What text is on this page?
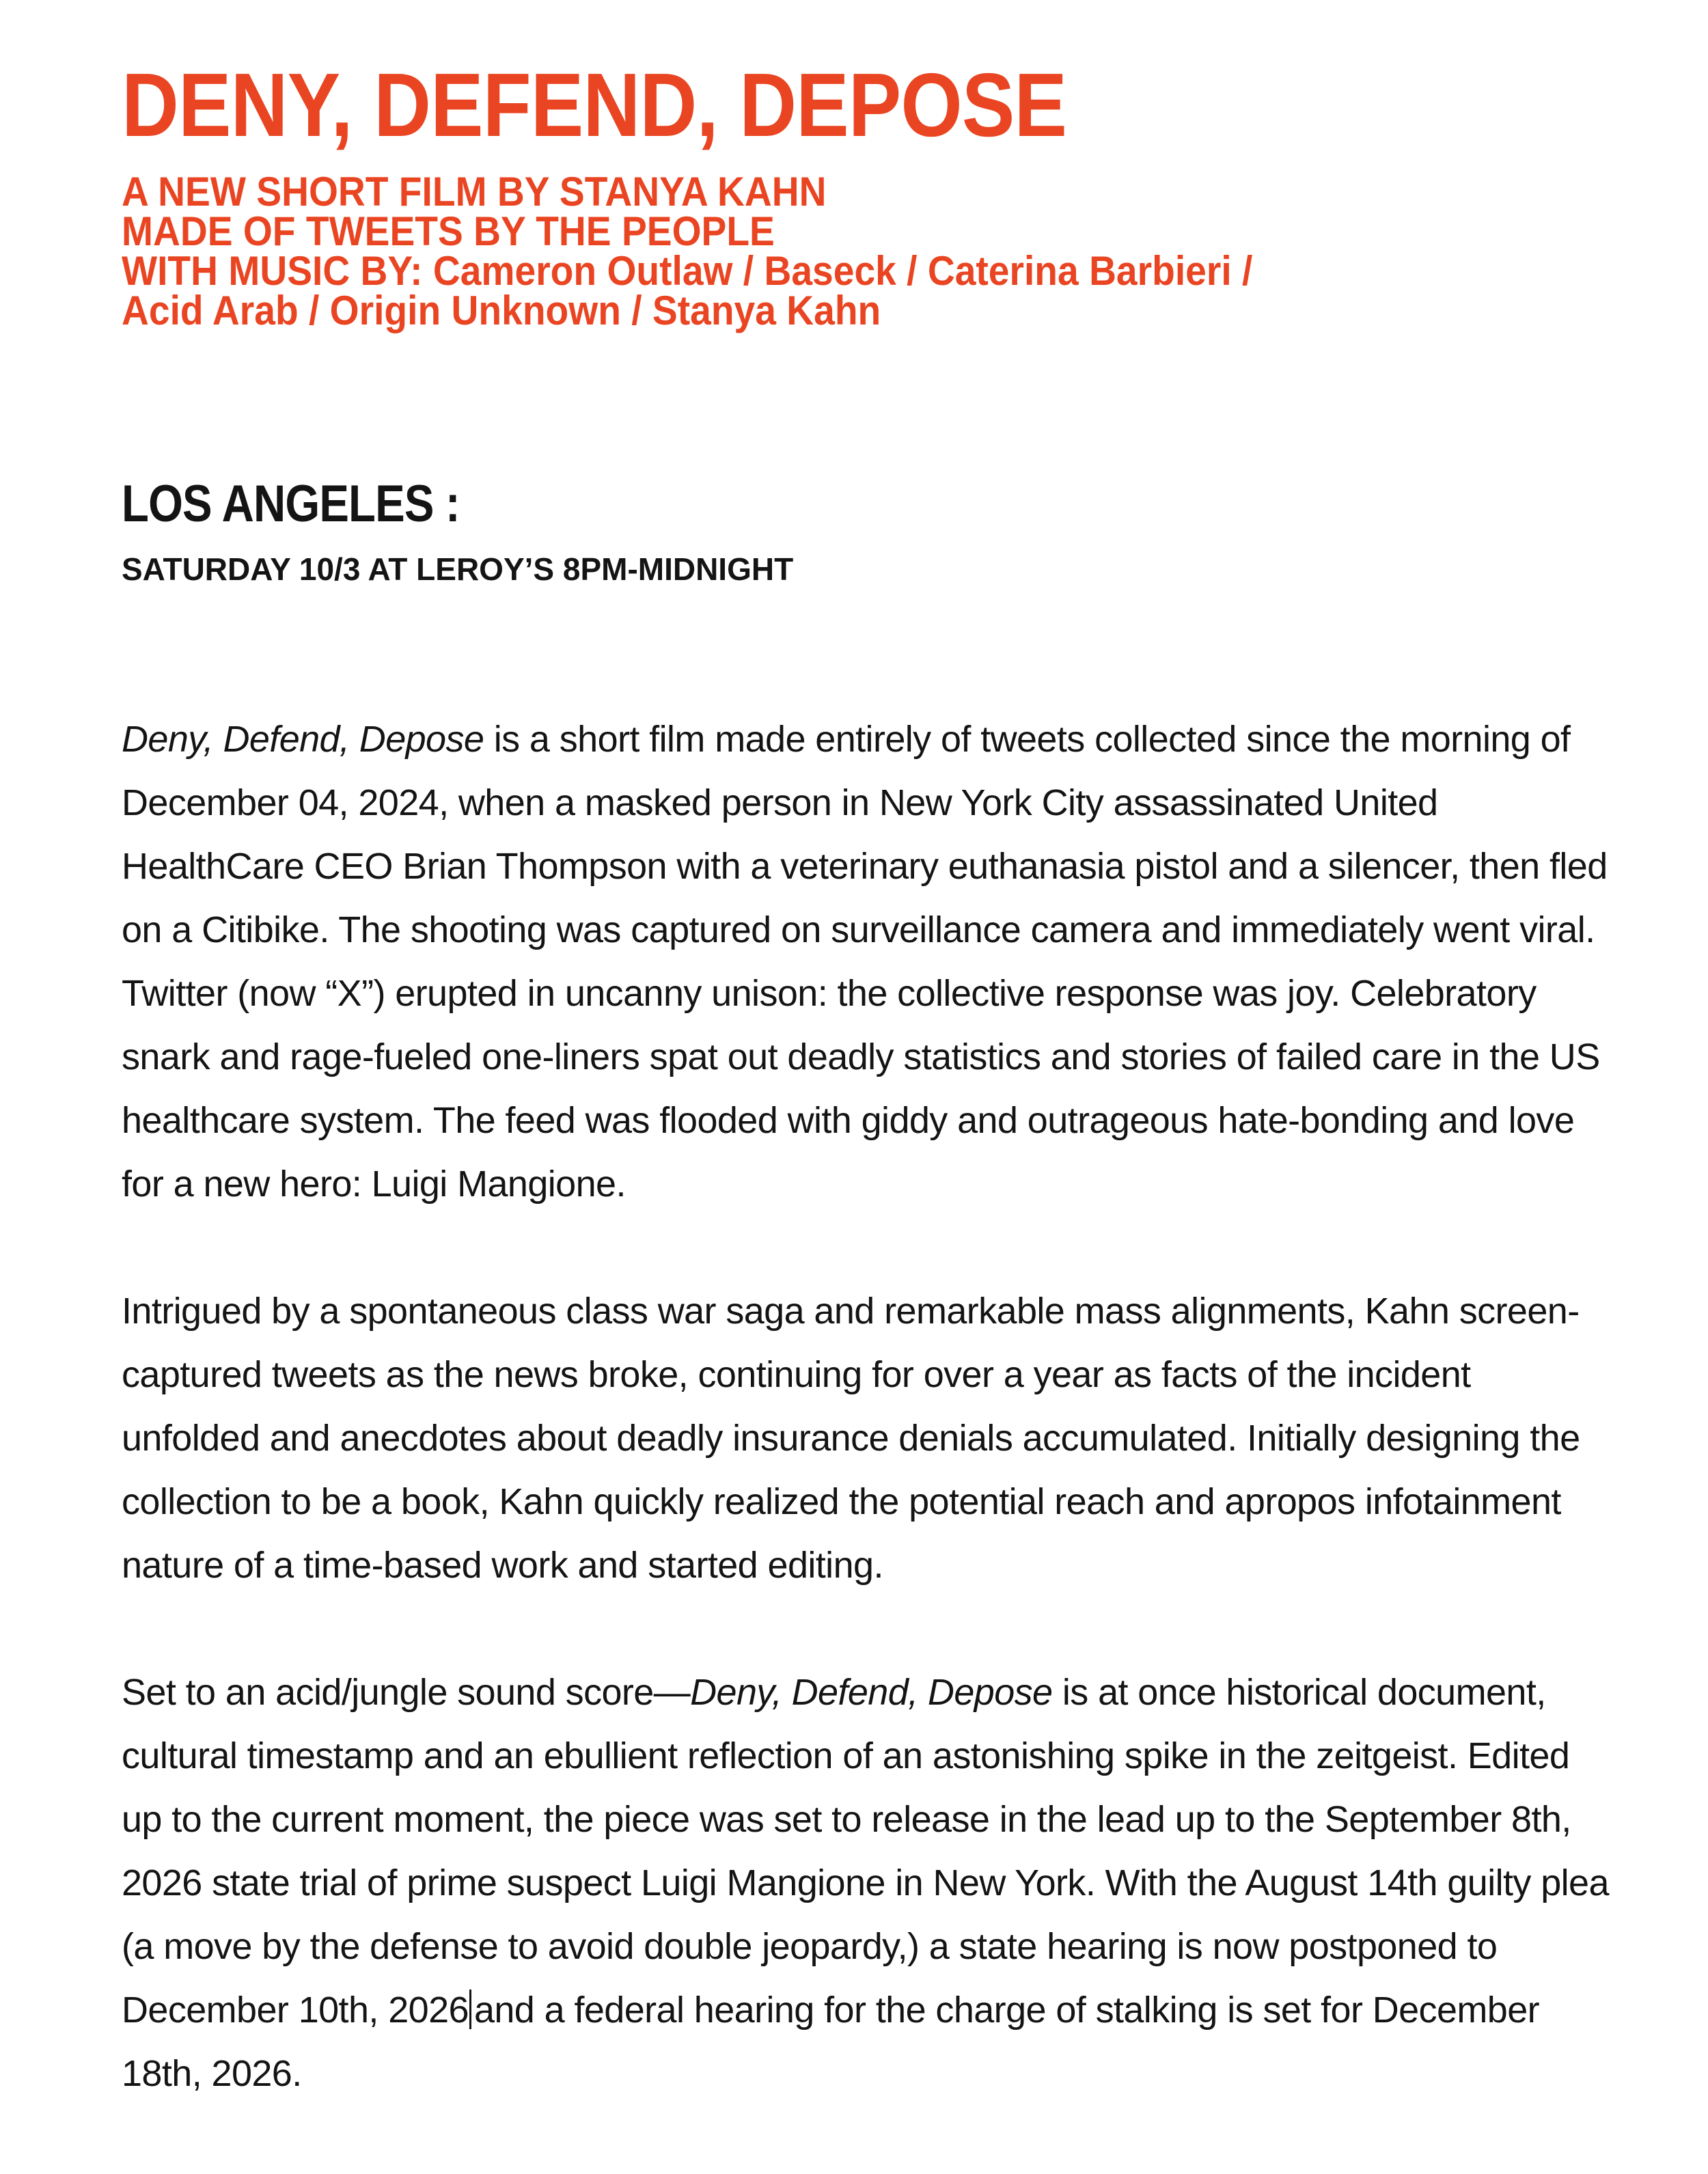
DENY, DEFEND, DEPOSE
A NEW SHORT FILM BY STANYA KAHN
MADE OF TWEETS BY THE PEOPLE
WITH MUSIC BY: Cameron Outlaw / Baseck / Caterina Barbieri /
Acid Arab / Origin Unknown / Stanya Kahn
LOS ANGELES :

SATURDAY 10/3 AT LEROY’S 8PM-MIDNIGHT

Deny, Defend, Depose is a short film made entirely of tweets collected since the morning of December 04, 2024, when a masked person in New York City assassinated United HealthCare CEO Brian Thompson with a veterinary euthanasia pistol and a silencer, then fled on a Citibike. The shooting was captured on surveillance camera and immediately went viral. Twitter (now “X”) erupted in uncanny unison: the collective response was joy. Celebratory snark and rage-fueled one-liners spat out deadly statistics and stories of failed care in the US healthcare system. The feed was flooded with giddy and outrageous hate-bonding and love for a new hero: Luigi Mangione.

Intrigued by a spontaneous class war saga and remarkable mass alignments, Kahn screen-captured tweets as the news broke, continuing for over a year as facts of the incident unfolded and anecdotes about deadly insurance denials accumulated. Initially designing the collection to be a book, Kahn quickly realized the potential reach and apropos infotainment nature of a time-based work and started editing.

Set to an acid/jungle sound score—Deny, Defend, Depose is at once historical document, cultural timestamp and an ebullient reflection of an astonishing spike in the zeitgeist. Edited up to the current moment, the piece was set to release in the lead up to the September 8th, 2026 state trial of prime suspect Luigi Mangione in New York. With the August 14th guilty plea (a move by the defense to avoid double jeopardy,) a state hearing is now postponed to December 10th, 2026 and a federal hearing for the charge of stalking is set for December 18th, 2026.
